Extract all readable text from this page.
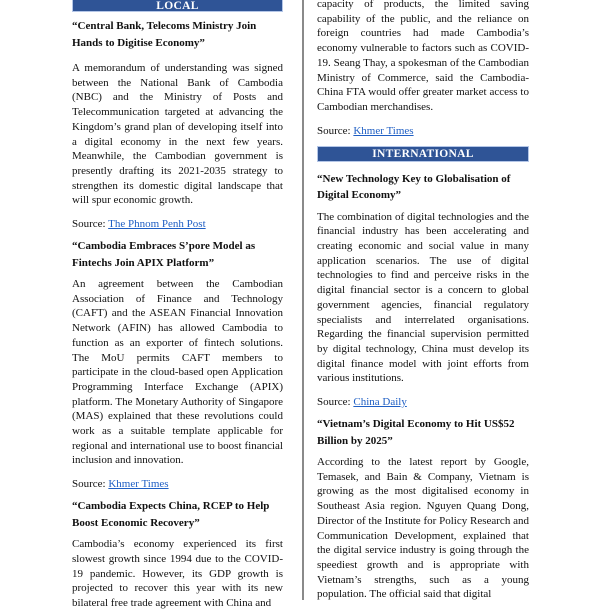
LOCAL

“Central Bank, Telecoms Ministry Join Hands to Digitise Economy”

A memorandum of understanding was signed between the National Bank of Cambodia (NBC) and the Ministry of Posts and Telecommunication targeted at advancing the Kingdom’s grand plan of developing itself into a digital economy in the next few years. Meanwhile, the Cambodian government is presently drafting its 2021-2035 strategy to strengthen its domestic digital landscape that will spur economic growth.

Source: The Phnom Penh Post

“Cambodia Embraces S’pore Model as Fintechs Join APIX Platform”

An agreement between the Cambodian Association of Finance and Technology (CAFT) and the ASEAN Financial Innovation Network (AFIN) has allowed Cambodia to function as an exporter of fintech solutions. The MoU permits CAFT members to participate in the cloud-based open Application Programming Interface Exchange (APIX) platform. The Monetary Authority of Singapore (MAS) explained that these revolutions could work as a suitable template applicable for regional and international use to boost financial inclusion and innovation.

Source: Khmer Times

“Cambodia Expects China, RCEP to Help Boost Economic Recovery”

Cambodia’s economy experienced its first slowest growth since 1994 due to the COVID-19 pandemic. However, its GDP growth is projected to recover this year with its new bilateral free trade agreement with China and

capacity of products, the limited saving capability of the public, and the reliance on foreign countries had made Cambodia’s economy vulnerable to factors such as COVID-19. Seang Thay, a spokesman of the Cambodian Ministry of Commerce, said the Cambodia-China FTA would offer greater market access to Cambodian merchandises.

Source: Khmer Times

INTERNATIONAL

“New Technology Key to Globalisation of Digital Economy”

The combination of digital technologies and the financial industry has been accelerating and creating economic and social value in many application scenarios. The use of digital technologies to find and perceive risks in the digital financial sector is a concern to global government agencies, financial regulatory specialists and interrelated organisations. Regarding the financial supervision permitted by digital technology, China must develop its digital finance model with joint efforts from various institutions.

Source: China Daily

“Vietnam’s Digital Economy to Hit US$52 Billion by 2025”

According to the latest report by Google, Temasek, and Bain & Company, Vietnam is growing as the most digitalised economy in Southeast Asia region. Nguyen Quang Dong, Director of the Institute for Policy Research and Communication Development, explained that the digital service industry is going through the speediest growth and is appropriate with Vietnam’s strengths, such as a young population. The official said that digital
